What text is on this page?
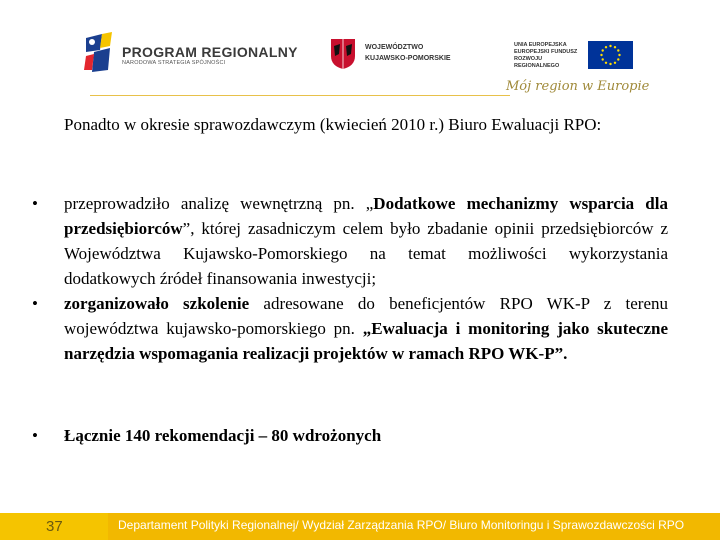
PROGRAM REGIONALNY
NARODOWA STRATEGIA SPÓJNOŚCI
WOJEWÓDZTWO
KUJAWSKO-POMORSKIE
UNIA EUROPEJSKA EUROPEJSKI FUNDUSZ ROZWOJU REGIONALNEGO
Mój region w Europie
Ponadto w okresie sprawozdawczym (kwiecień 2010 r.) Biuro Ewaluacji RPO:
• przeprowadziło analizę wewnętrzną pn. „Dodatkowe mechanizmy wsparcia dla przedsiębiorców”, której zasadniczym celem było zbadanie opinii przedsiębiorców z Województwa Kujawsko-Pomorskiego na temat możliwości wykorzystania dodatkowych źródeł finansowania inwestycji;
• zorganizowało szkolenie adresowane do beneficjentów RPO WK-P z terenu województwa kujawsko-pomorskiego pn. „Ewaluacja i monitoring jako skuteczne narzędzia wspomagania realizacji projektów w ramach RPO WK-P”.
• Łącznie 140 rekomendacji – 80 wdrożonych
37	Departament Polityki Regionalnej/ Wydział Zarządzania RPO/ Biuro Monitoringu i Sprawozdawczości RPO
